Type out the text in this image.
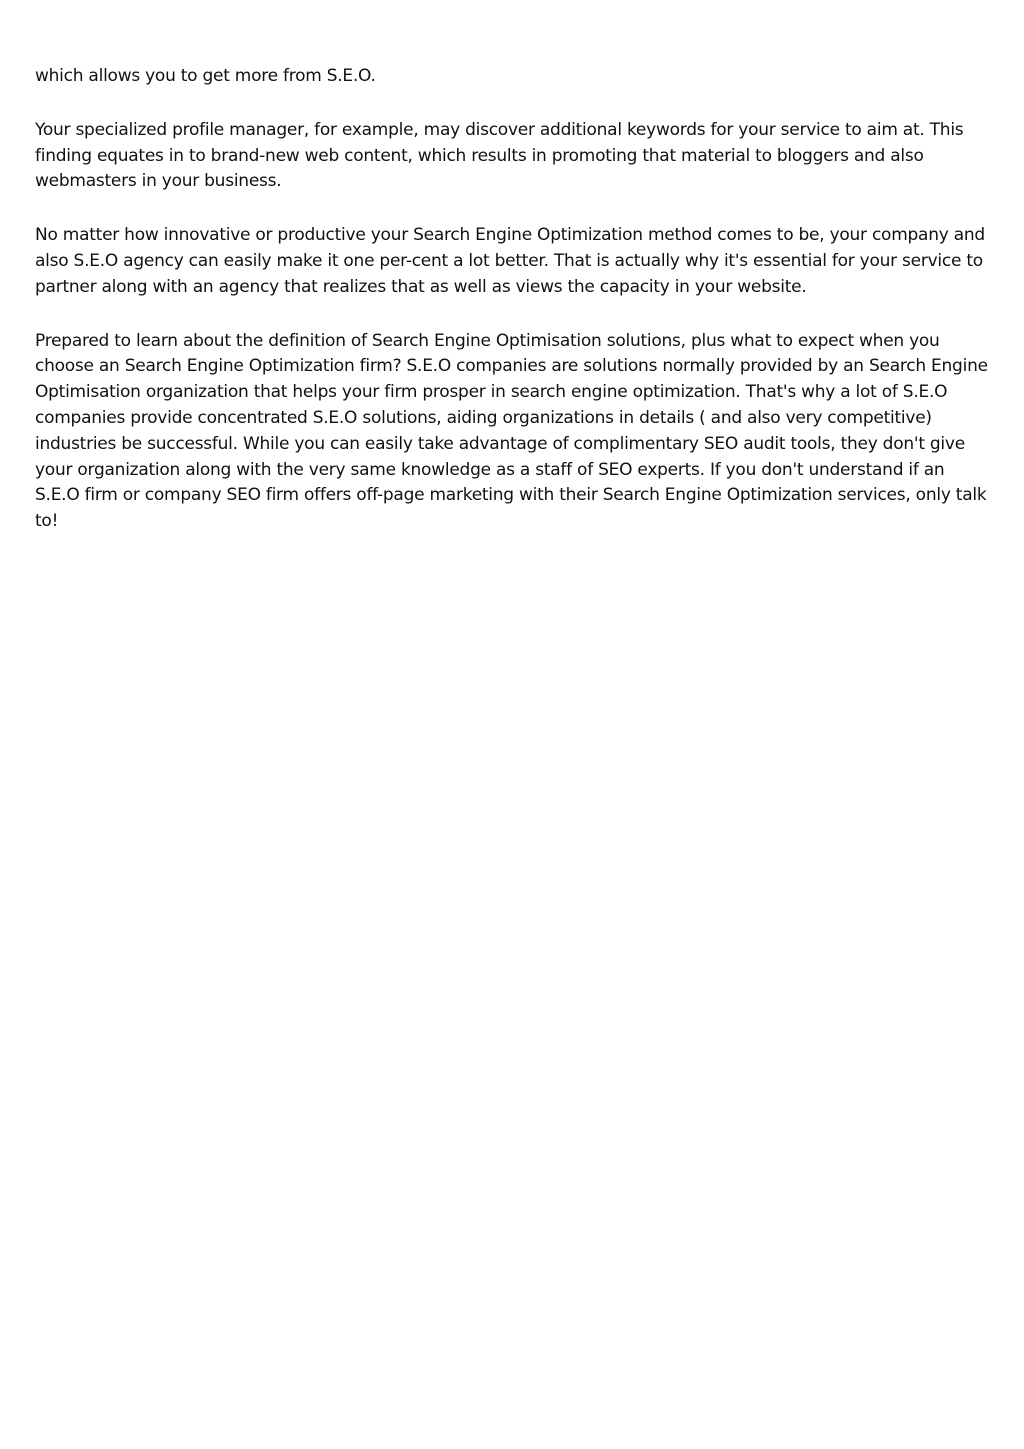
which allows you to get more from S.E.O.

Your specialized profile manager, for example, may discover additional keywords for your service to aim at. This finding equates in to brand-new web content, which results in promoting that material to bloggers and also webmasters in your business.

No matter how innovative or productive your Search Engine Optimization method comes to be, your company and also S.E.O agency can easily make it one per-cent a lot better. That is actually why it's essential for your service to partner along with an agency that realizes that as well as views the capacity in your website.

Prepared to learn about the definition of Search Engine Optimisation solutions, plus what to expect when you choose an Search Engine Optimization firm? S.E.O companies are solutions normally provided by an Search Engine Optimisation organization that helps your firm prosper in search engine optimization. That's why a lot of S.E.O companies provide concentrated S.E.O solutions, aiding organizations in details ( and also very competitive) industries be successful. While you can easily take advantage of complimentary SEO audit tools, they don't give your organization along with the very same knowledge as a staff of SEO experts. If you don't understand if an S.E.O firm or company SEO firm offers off-page marketing with their Search Engine Optimization services, only talk to!
